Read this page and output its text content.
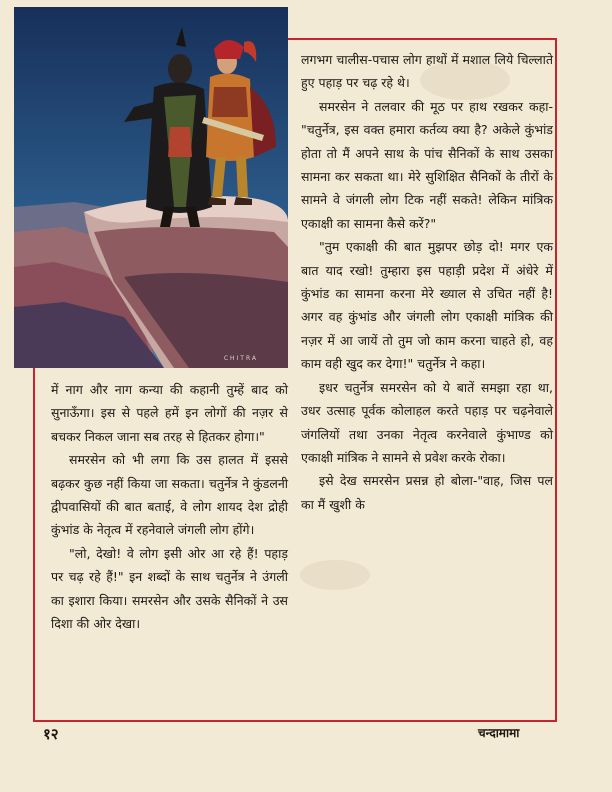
CHITRA

लगभग चालीस-पचास लोग हाथों में मशाल लिये चिल्लाते हुए पहाड़ पर चढ़ रहे थे।

समरसेन ने तलवार की मूठ पर हाथ रखकर कहा-"चतुर्नेत्र, इस वक्त हमारा कर्तव्य क्या है? अकेले कुंभांड होता तो मैं अपने साथ के पांच सैनिकों के साथ उसका सामना कर सकता था। मेरे सुशिक्षित सैनिकों के तीरों के सामने वे जंगली लोग टिक नहीं सकते! लेकिन मांत्रिक एकाक्षी का सामना कैसे करें?"

"तुम एकाक्षी की बात मुझपर छोड़ दो! मगर एक बात याद रखो! तुम्हारा इस पहाड़ी प्रदेश में अंधेरे में कुंभांड का सामना करना मेरे ख्याल से उचित नहीं है! अगर वह कुंभांड और जंगली लोग एकाक्षी मांत्रिक की नज़र में आ जायें तो तुम जो काम करना चाहते हो, वह काम वही खुद कर देगा!" चतुर्नेत्र ने कहा।

इधर चतुर्नेत्र समरसेन को ये बातें समझा रहा था, उधर उत्साह पूर्वक कोलाहल करते पहाड़ पर चढ़नेवाले जंगलियों तथा उनका नेतृत्व करनेवाले कुंभाण्ड को एकाक्षी मांत्रिक ने सामने से प्रवेश करके रोका।

इसे देख समरसेन प्रसन्न हो बोला-"वाह, जिस पल का मैं खुशी के

में नाग और नाग कन्या की कहानी तुम्हें बाद को सुनाऊँगा। इस से पहले हमें इन लोगों की नज़र से बचकर निकल जाना सब तरह से हितकर होगा।"

समरसेन को भी लगा कि उस हालत में इससे बढ़कर कुछ नहीं किया जा सकता। चतुर्नेत्र ने कुंडलनी द्वीपवासियों की बात बताई, वे लोग शायद देश द्रोही कुंभांड के नेतृत्व में रहनेवाले जंगली लोग होंगे।

"लो, देखो! वे लोग इसी ओर आ रहे हैं! पहाड़ पर चढ़ रहे हैं!" इन शब्दों के साथ चतुर्नेत्र ने उंगली का इशारा किया। समरसेन और उसके सैनिकों ने उस दिशा की ओर देखा।

१२	चन्दामामा
